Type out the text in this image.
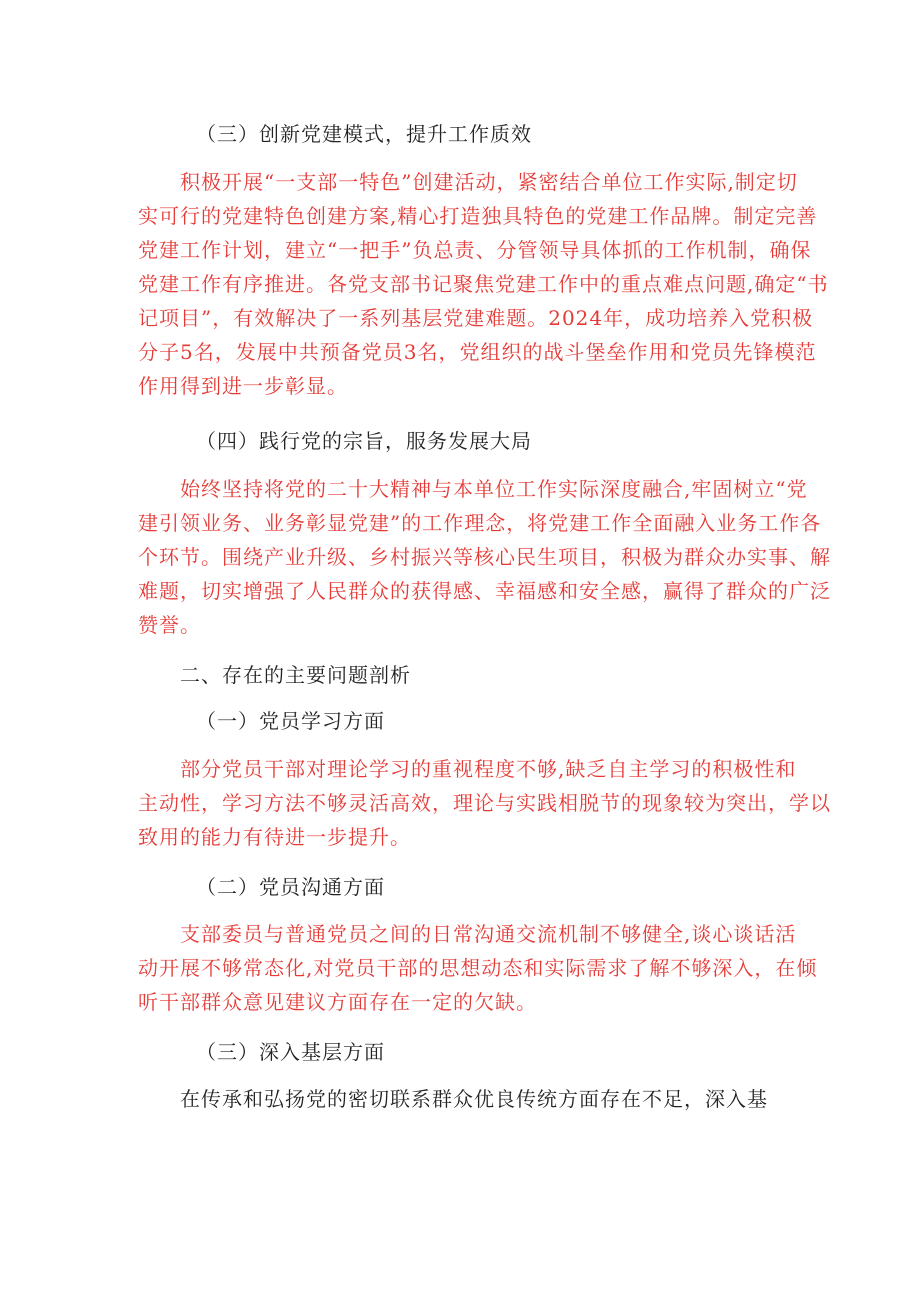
（三）创新党建模式，提升工作质效
积极开展“一支部一特色”创建活动，紧密结合单位工作实际,制定切
实可行的党建特色创建方案,精心打造独具特色的党建工作品牌。制定完善
党建工作计划，建立“一把手”负总责、分管领导具体抓的工作机制，确保
党建工作有序推进。各党支部书记聚焦党建工作中的重点难点问题,确定“书
记项目”，有效解决了一系列基层党建难题。2024年，成功培养入党积极
分子5名，发展中共预备党员3名，党组织的战斗堡垒作用和党员先锋模范
作用得到进一步彰显。
（四）践行党的宗旨，服务发展大局
始终坚持将党的二十大精神与本单位工作实际深度融合,牢固树立“党
建引领业务、业务彰显党建”的工作理念，将党建工作全面融入业务工作各
个环节。围绕产业升级、乡村振兴等核心民生项目，积极为群众办实事、解
难题，切实增强了人民群众的获得感、幸福感和安全感，赢得了群众的广泛
赞誉。
二、存在的主要问题剖析
（一）党员学习方面
部分党员干部对理论学习的重视程度不够,缺乏自主学习的积极性和
主动性，学习方法不够灵活高效，理论与实践相脱节的现象较为突出，学以
致用的能力有待进一步提升。
（二）党员沟通方面
支部委员与普通党员之间的日常沟通交流机制不够健全,谈心谈话活
动开展不够常态化,对党员干部的思想动态和实际需求了解不够深入，在倾
听干部群众意见建议方面存在一定的欠缺。
（三）深入基层方面
在传承和弘扬党的密切联系群众优良传统方面存在不足，深入基
